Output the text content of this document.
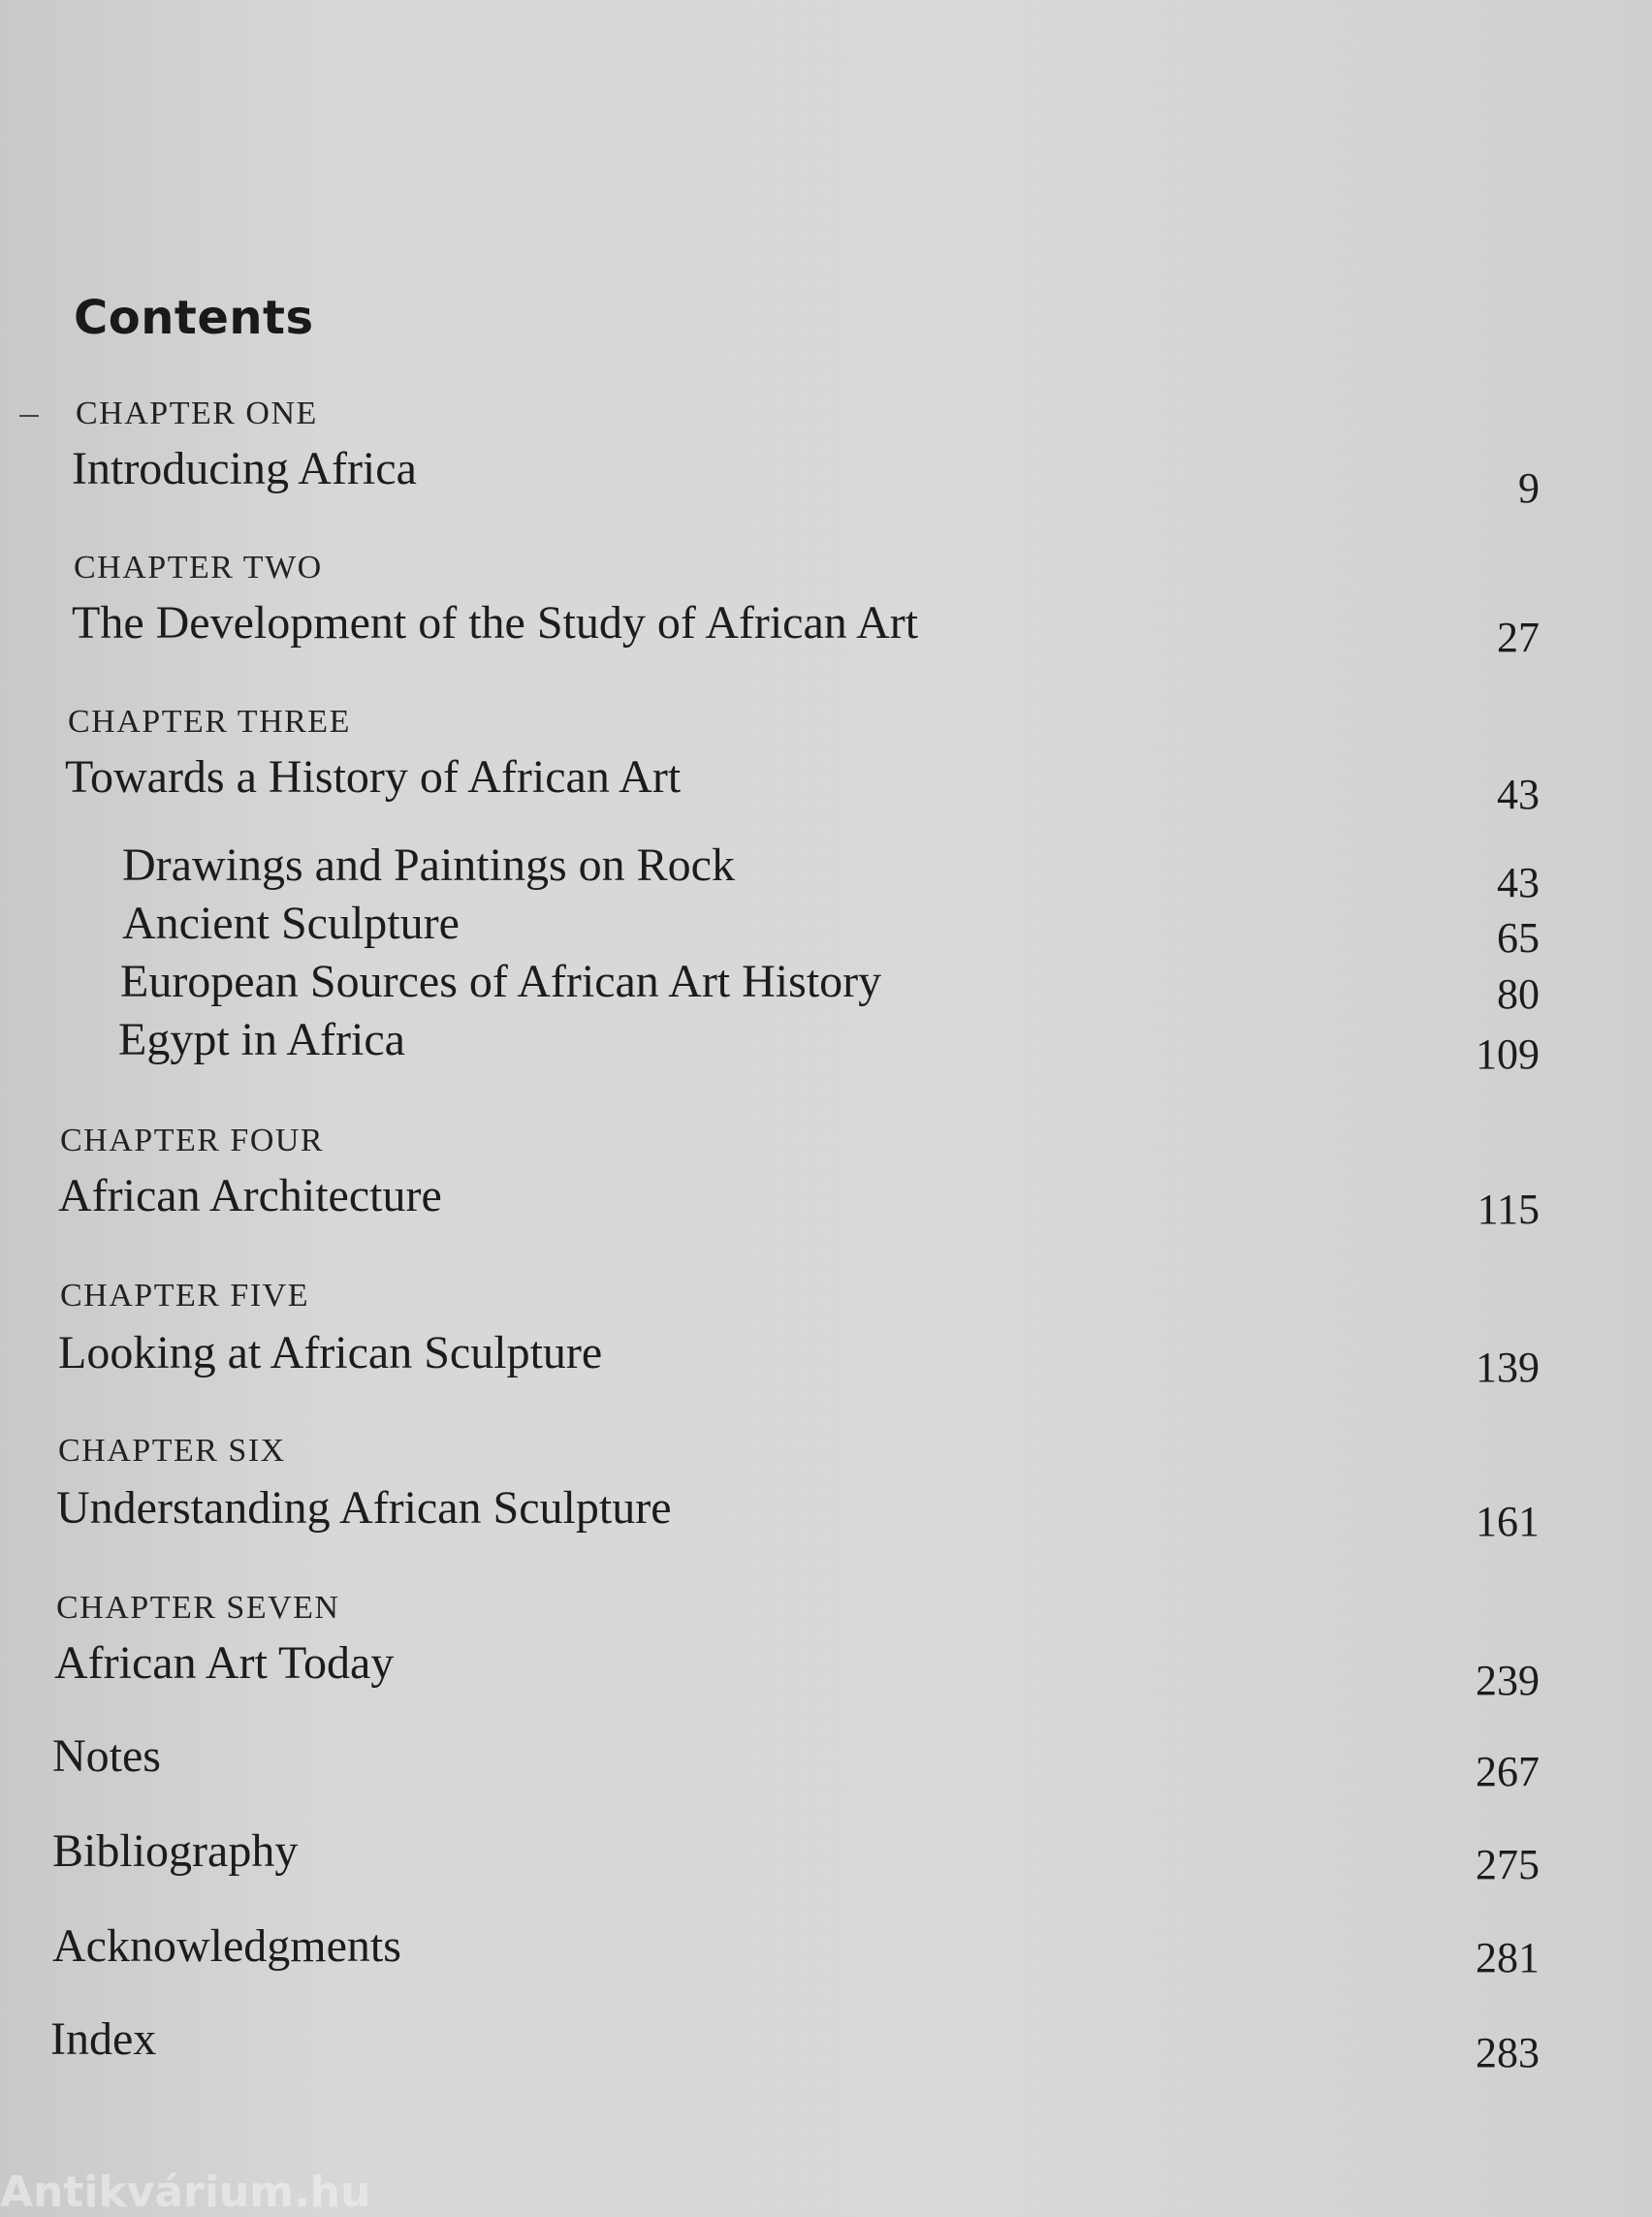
Contents
CHAPTER ONE
Introducing Africa	9
CHAPTER TWO
The Development of the Study of African Art	27
CHAPTER THREE
Towards a History of African Art	43
Drawings and Paintings on Rock	43
Ancient Sculpture	65
European Sources of African Art History	80
Egypt in Africa	109
CHAPTER FOUR
African Architecture	115
CHAPTER FIVE
Looking at African Sculpture	139
CHAPTER SIX
Understanding African Sculpture	161
CHAPTER SEVEN
African Art Today	239
Notes	267
Bibliography	275
Acknowledgments	281
Index	283
Antikvárium.hu
